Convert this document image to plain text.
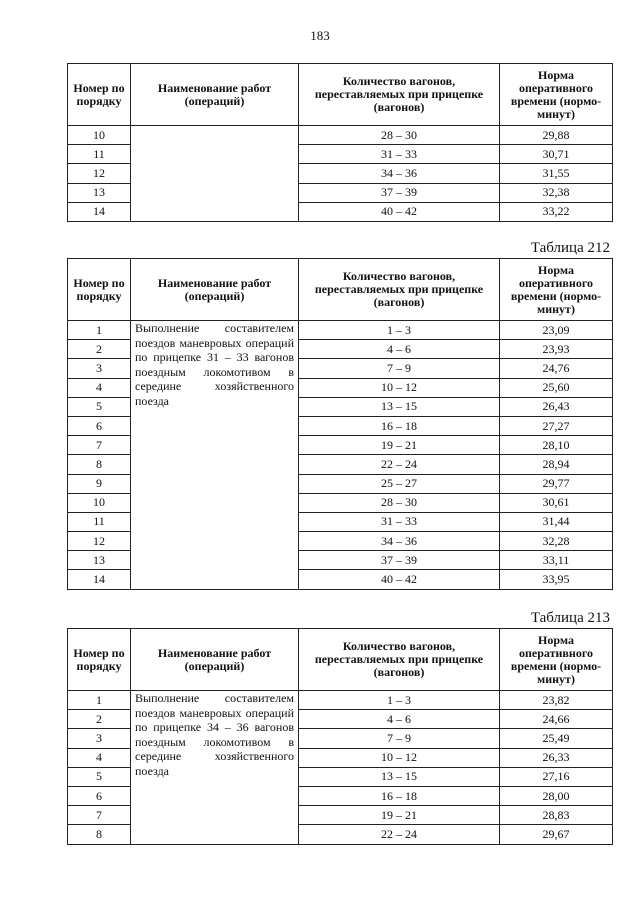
183
Номер по порядку	Наименование работ (операций)	Количество вагонов, переставляемых при прицепке (вагонов)	Норма оперативного времени (нормо-минут)
10		28 – 30	29,88
11		31 – 33	30,71
12		34 – 36	31,55
13		37 – 39	32,38
14		40 – 42	33,22
Таблица 212
Номер по порядку	Наименование работ (операций)	Количество вагонов, переставляемых при прицепке (вагонов)	Норма оперативного времени (нормо-минут)
1	Выполнение составителем поездов маневровых операций по прицепке 31 – 33 вагонов поездным локомотивом в середине хозяйственного поезда	1 – 3	23,09
2		4 – 6	23,93
3		7 – 9	24,76
4		10 – 12	25,60
5		13 – 15	26,43
6		16 – 18	27,27
7		19 – 21	28,10
8		22 – 24	28,94
9		25 – 27	29,77
10		28 – 30	30,61
11		31 – 33	31,44
12		34 – 36	32,28
13		37 – 39	33,11
14		40 – 42	33,95
Таблица 213
Номер по порядку	Наименование работ (операций)	Количество вагонов, переставляемых при прицепке (вагонов)	Норма оперативного времени (нормо-минут)
1	Выполнение составителем поездов маневровых операций по прицепке 34 – 36 вагонов поездным локомотивом в середине хозяйственного поезда	1 – 3	23,82
2		4 – 6	24,66
3		7 – 9	25,49
4		10 – 12	26,33
5		13 – 15	27,16
6		16 – 18	28,00
7		19 – 21	28,83
8		22 – 24	29,67
